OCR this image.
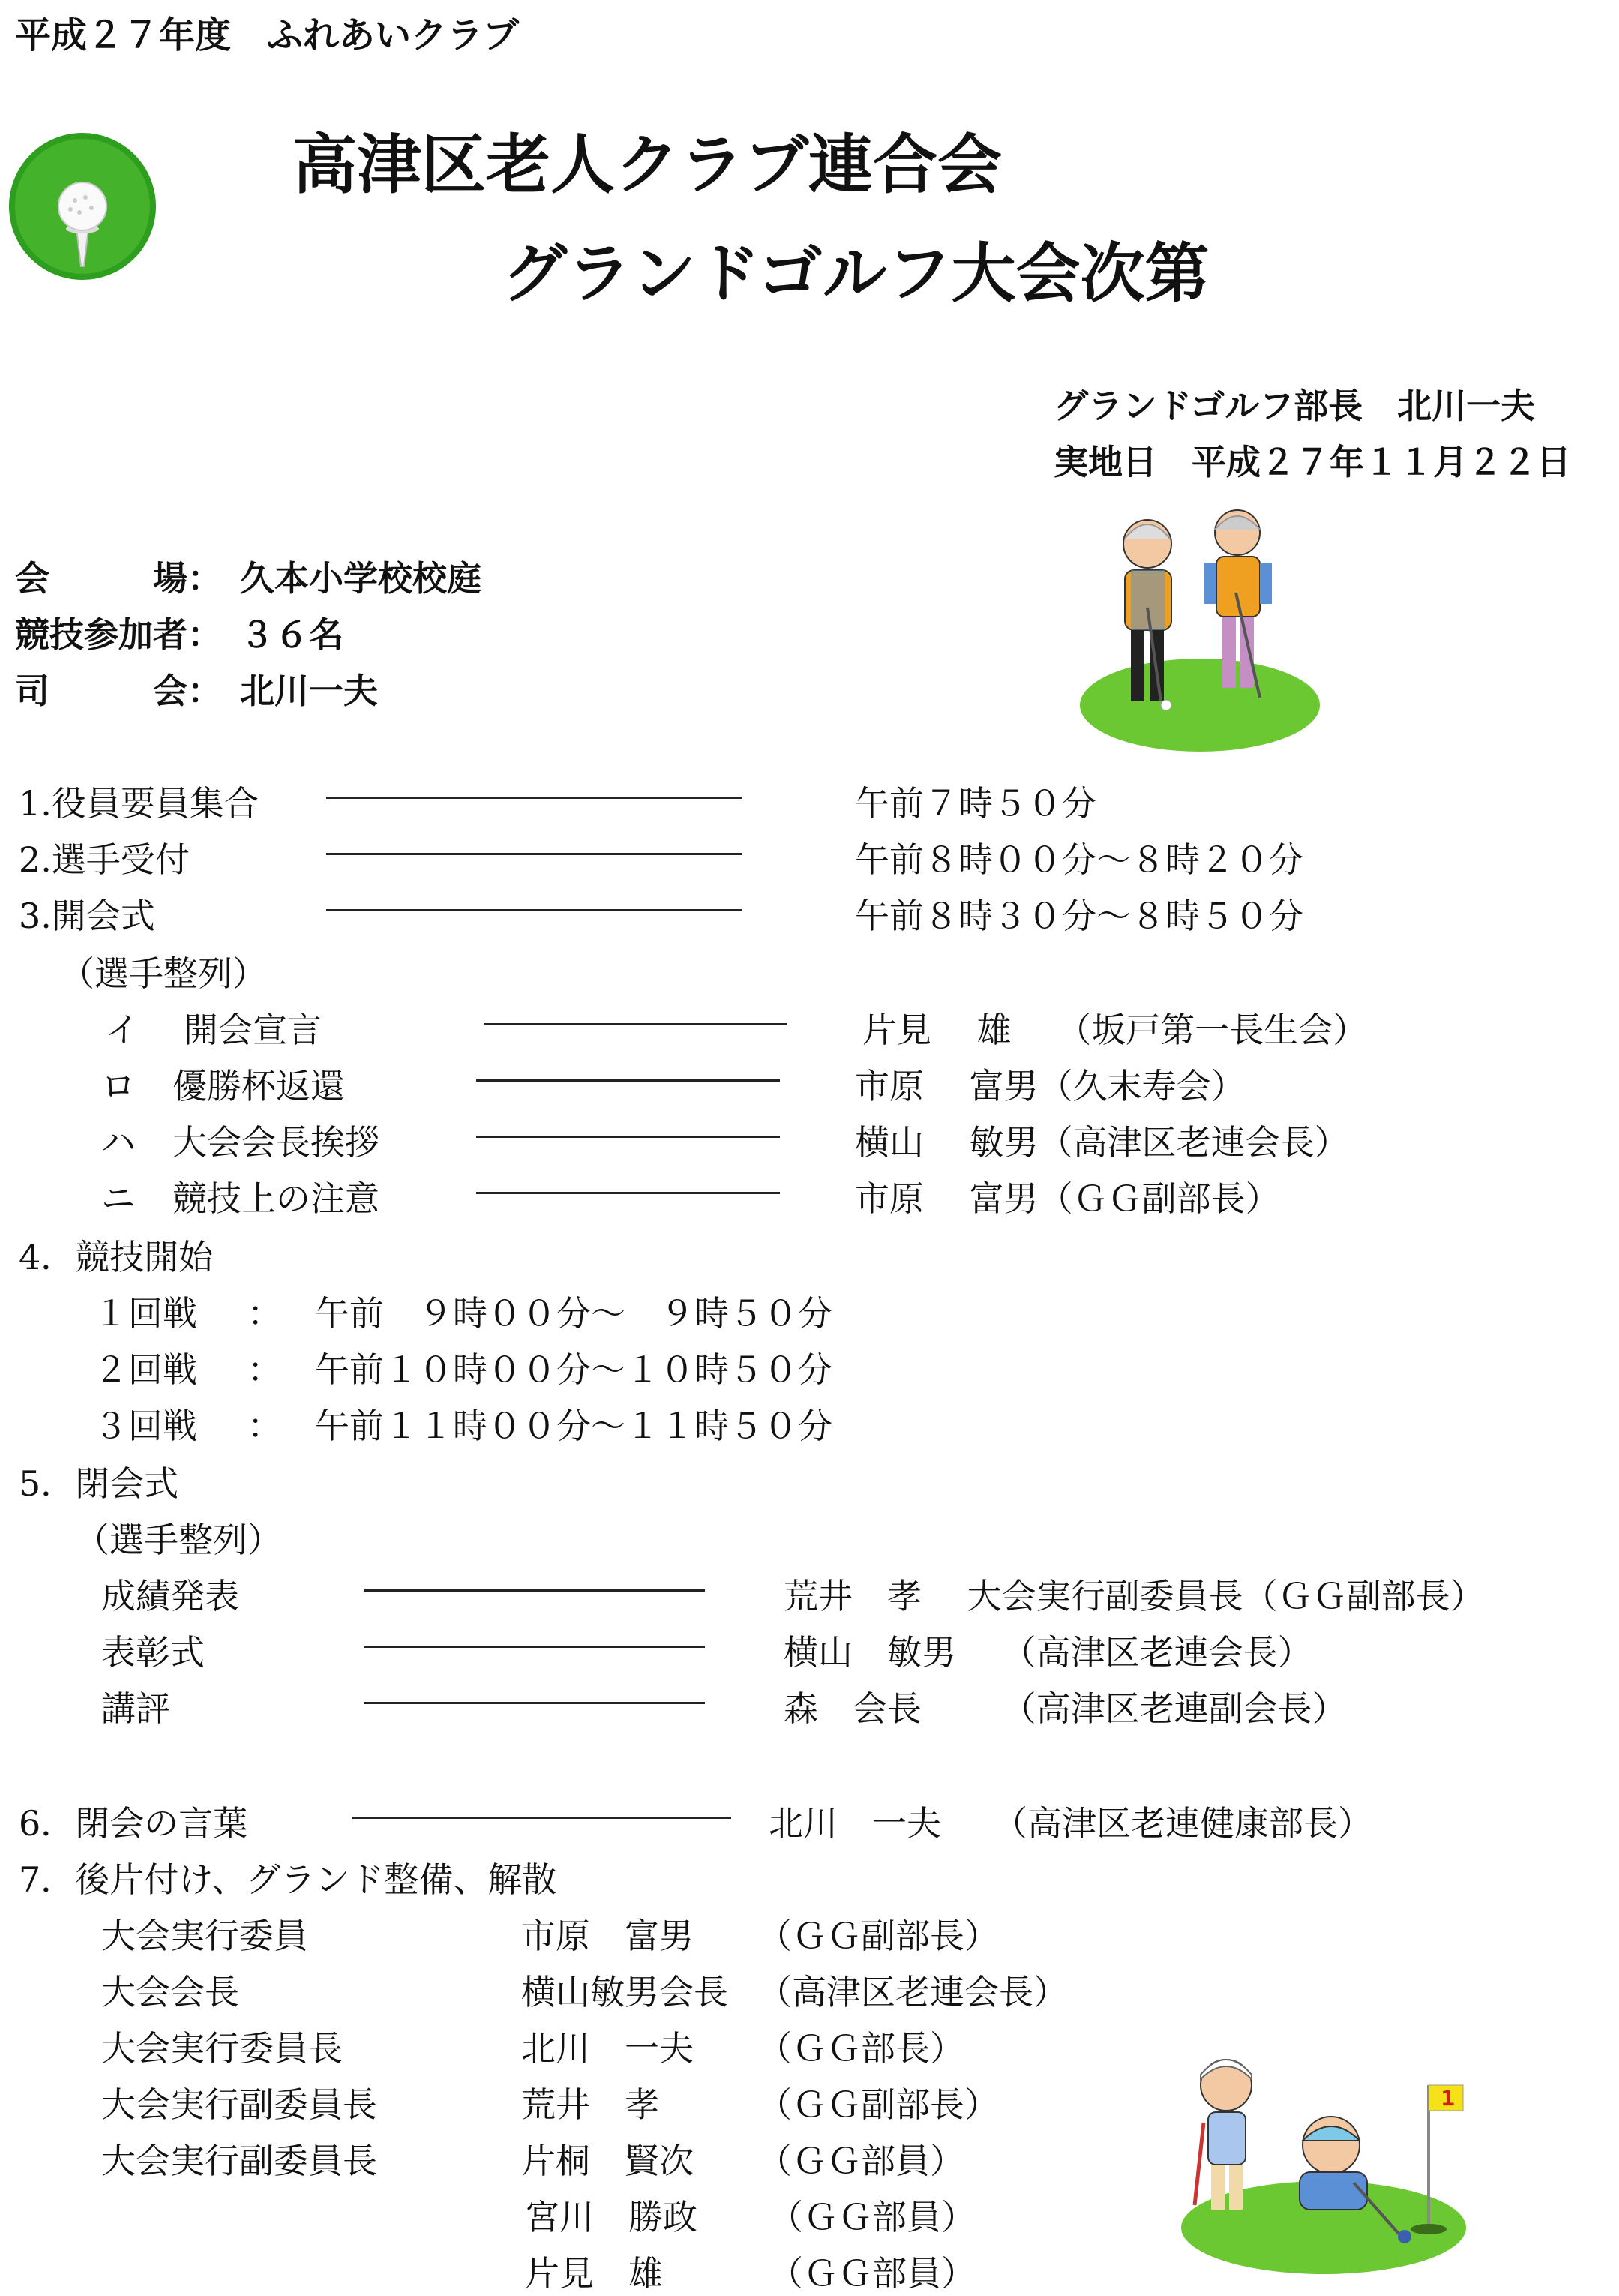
平成２７年度　ふれあいクラブ
高津区老人クラブ連合会
グランドゴルフ大会次第
グランドゴルフ部長　北川一夫
実地日　平成２７年１１月２２日
会　　　場： 久本小学校校庭
競技参加者： ３６名
司　　　会： 北川一夫
1.役員要員集合	午前７時５０分
2.選手受付	午前８時００分～８時２０分
3.開会式	午前８時３０分～８時５０分
（選手整列）
イ 開会宣言	片見　 雄　 （坂戸第一長生会）
ロ 優勝杯返還	市原　 富男（久末寿会）
ハ 大会会長挨拶	横山　 敏男（高津区老連会長）
ニ 競技上の注意	市原　 富男（ＧＧ副部長）
4．競技開始
１回戦 ： 午前　９時００分～　９時５０分
２回戦 ： 午前１０時００分～１０時５０分
３回戦 ： 午前１１時００分～１１時５０分
5．閉会式
（選手整列）
成績発表	荒井　孝　 大会実行副委員長（ＧＧ副部長）
表彰式	横山　敏男　 （高津区老連会長）
講評	森　会長　　 （高津区老連副会長）
6．閉会の言葉	北川　一夫　　（高津区老連健康部長）
7．後片付け、グランド整備、解散
大会実行委員	市原　富男 （ＧＧ副部長）
大会会長	横山敏男会長 （高津区老連会長）
大会実行委員長	北川　一夫 （ＧＧ部長）
大会実行副委員長	荒井　孝	（ＧＧ副部長）
大会実行副委員長	片桐　賢次 （ＧＧ部員）
宮川　勝政 （ＧＧ部員）
片見　雄	（ＧＧ部員）
1
